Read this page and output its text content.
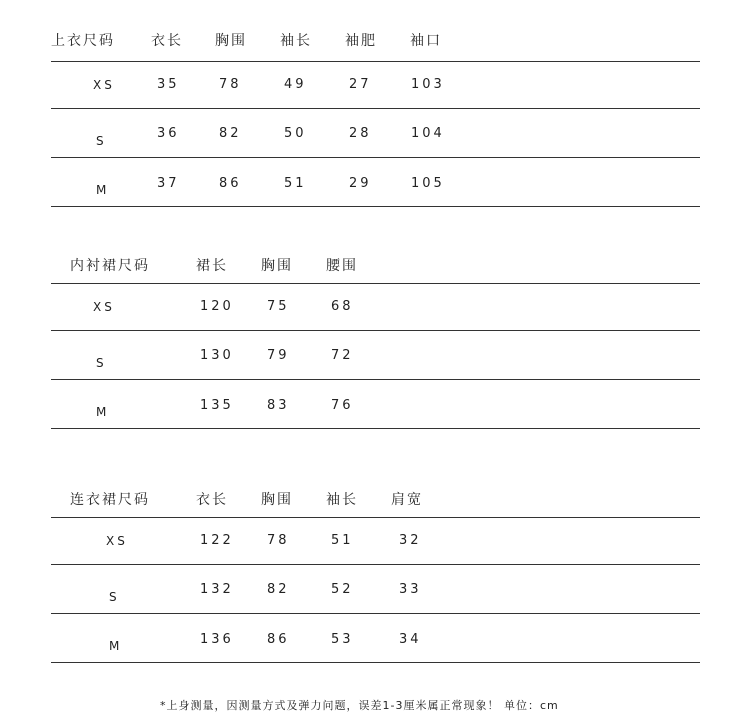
上衣尺码	衣长 胸围 袖长 袖肥 袖口
XS	35	78	49	27	103
S	36	82	50	28	104
M	37	86	51	29	105
内衬裙尺码	裙长 胸围 腰围
XS	120	75	68
S	130	79	72
M	135	83	76
连衣裙尺码	衣长 胸围 袖长 肩宽
XS	122	78	51	32
S	132	82	52	33
M	136	86	53	34
*上身测量，因测量方式及弹力问题，误差1-3厘米属正常现象！ 单位：cm
